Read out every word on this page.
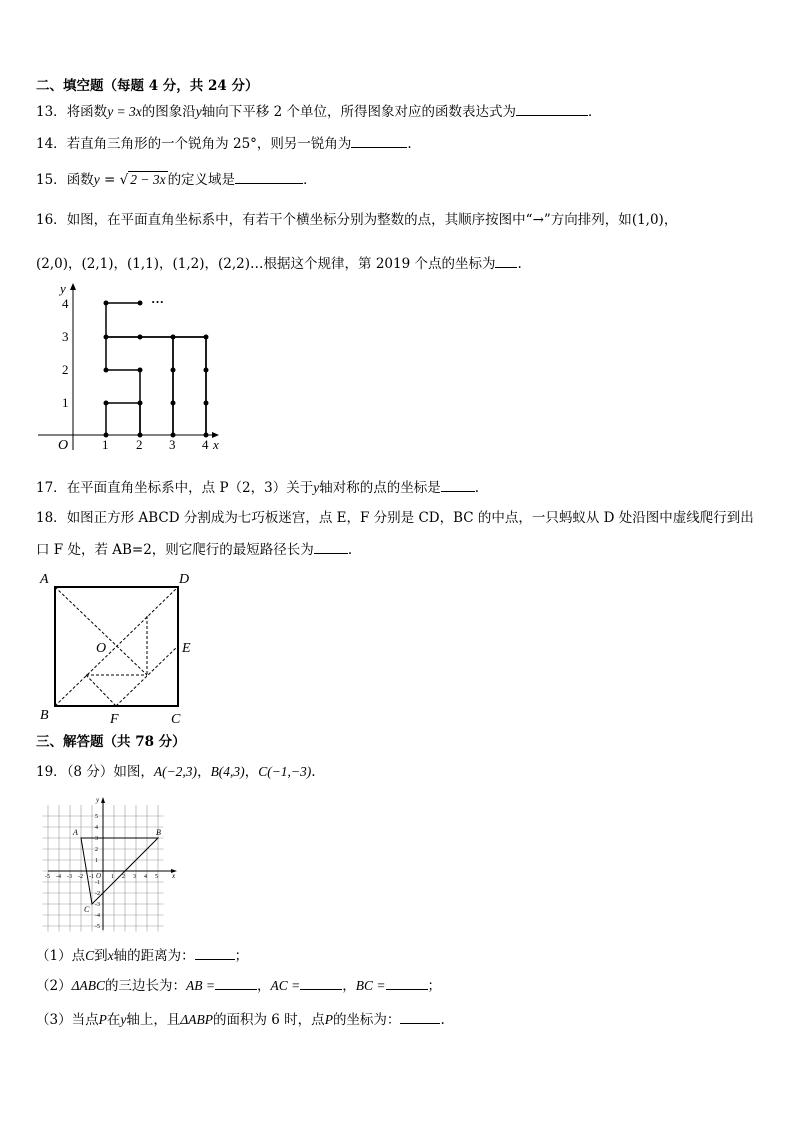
二、填空题（每题 4 分，共 24 分）
13．将函数y = 3x的图象沿y轴向下平移 2 个单位，所得图象对应的函数表达式为	．
14．若直角三角形的一个锐角为 25°，则另一锐角为	.
15．函数y = √ 2 − 3x 的定义域是	．
16．如图，在平面直角坐标系中，有若干个横坐标分别为整数的点，其顺序按图中“→”方向排列，如(1,0)，
(2,0)，(2,1)，(1,1)，(1,2)，(2,2)…根据这个规律，第 2019 个点的坐标为 .
···
y
x
O	1 2 3 4
1
2
3
4
17．在平面直角坐标系中，点 P（2，3）关于y轴对称的点的坐标是	.
18．如图正方形 ABCD 分割成为七巧板迷宫，点 E，F 分别是 CD，BC 的中点，一只蚂蚁从 D 处沿图中虚线爬行到出
口 F 处，若 AB=2，则它爬行的最短路径长为	.
A	D
E
O
B	F	C
三、解答题（共 78 分）
19．（8 分）如图，A(−2,3)，B(4,3)，C(−1,−3).
A	B
C
y
x
O
-5 -4 -3 -2 -1	1 2 3 4 5
5
4
3
2
1
-1
-2
-3
-4
-5
（1）点C到x轴的距离为：	；
（2）ΔABC的三边长为：AB =	，AC =	，BC =	；
（3）当点P在y轴上，且ΔABP的面积为 6 时，点P的坐标为：	.
